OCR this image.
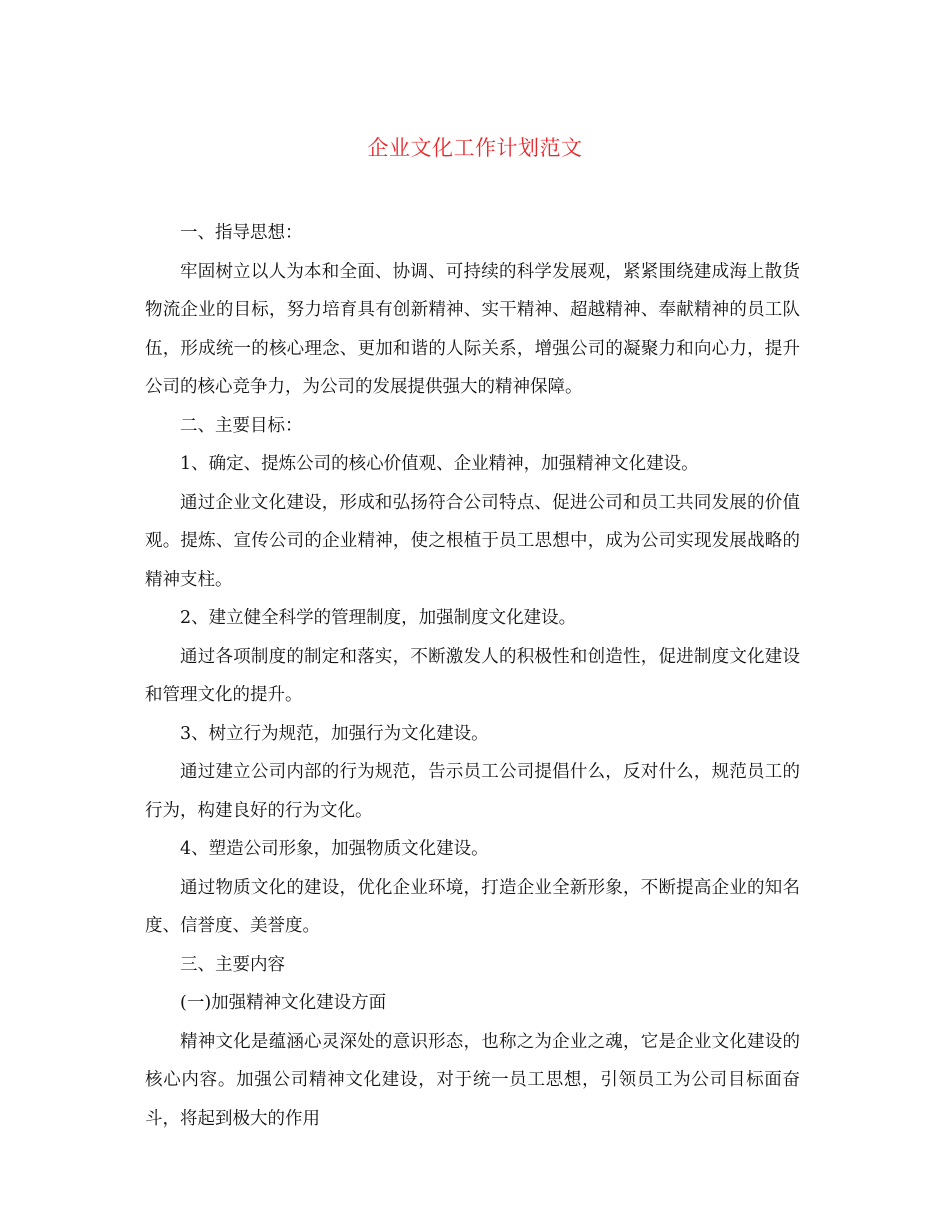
企业文化工作计划范文

一、指导思想：

牢固树立以人为本和全面、协调、可持续的科学发展观，紧紧围绕建成海上散货物流企业的目标，努力培育具有创新精神、实干精神、超越精神、奉献精神的员工队伍，形成统一的核心理念、更加和谐的人际关系，增强公司的凝聚力和向心力，提升公司的核心竞争力，为公司的发展提供强大的精神保障。

二、主要目标：

1、确定、提炼公司的核心价值观、企业精神，加强精神文化建设。

通过企业文化建设，形成和弘扬符合公司特点、促进公司和员工共同发展的价值观。提炼、宣传公司的企业精神，使之根植于员工思想中，成为公司实现发展战略的精神支柱。

2、建立健全科学的管理制度，加强制度文化建设。

通过各项制度的制定和落实，不断激发人的积极性和创造性，促进制度文化建设和管理文化的提升。

3、树立行为规范，加强行为文化建设。

通过建立公司内部的行为规范，告示员工公司提倡什么，反对什么，规范员工的行为，构建良好的行为文化。

4、塑造公司形象，加强物质文化建设。

通过物质文化的建设，优化企业环境，打造企业全新形象，不断提高企业的知名度、信誉度、美誉度。

三、主要内容

(一)加强精神文化建设方面

精神文化是蕴涵心灵深处的意识形态，也称之为企业之魂，它是企业文化建设的核心内容。加强公司精神文化建设，对于统一员工思想，引领员工为公司目标面奋斗，将起到极大的作用
